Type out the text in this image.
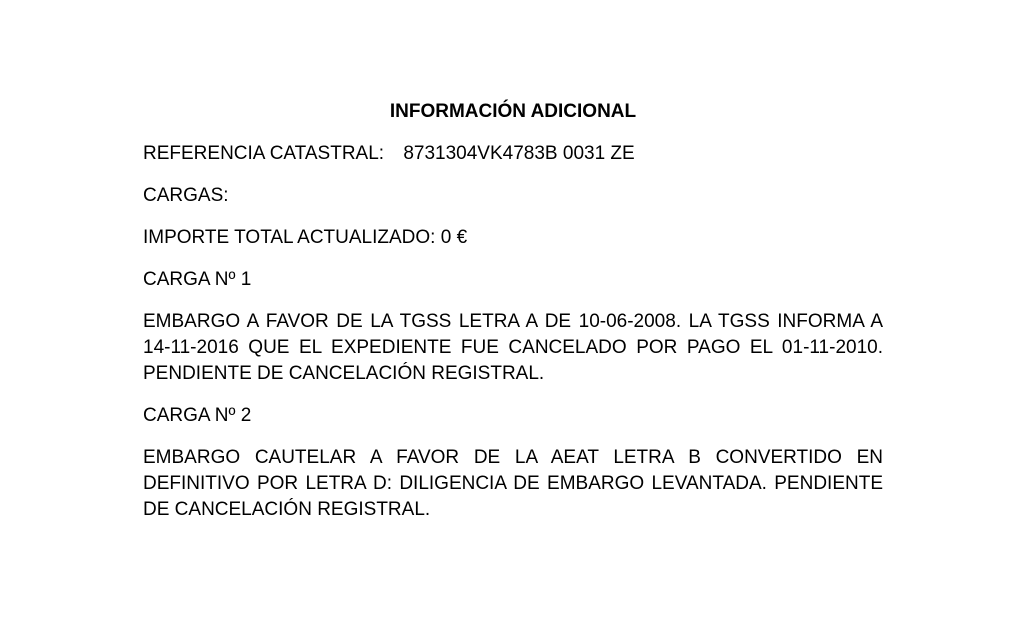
INFORMACIÓN ADICIONAL
REFERENCIA CATASTRAL: 8731304VK4783B 0031 ZE
CARGAS:
IMPORTE TOTAL ACTUALIZADO: 0 €
CARGA Nº 1

EMBARGO A FAVOR DE LA TGSS LETRA A DE 10-06-2008. LA TGSS INFORMA A 14-11-2016 QUE EL EXPEDIENTE FUE CANCELADO POR PAGO EL 01-11-2010. PENDIENTE DE CANCELACIÓN REGISTRAL.

CARGA Nº 2

EMBARGO CAUTELAR A FAVOR DE LA AEAT LETRA B CONVERTIDO EN DEFINITIVO POR LETRA D: DILIGENCIA DE EMBARGO LEVANTADA. PENDIENTE DE CANCELACIÓN REGISTRAL.
